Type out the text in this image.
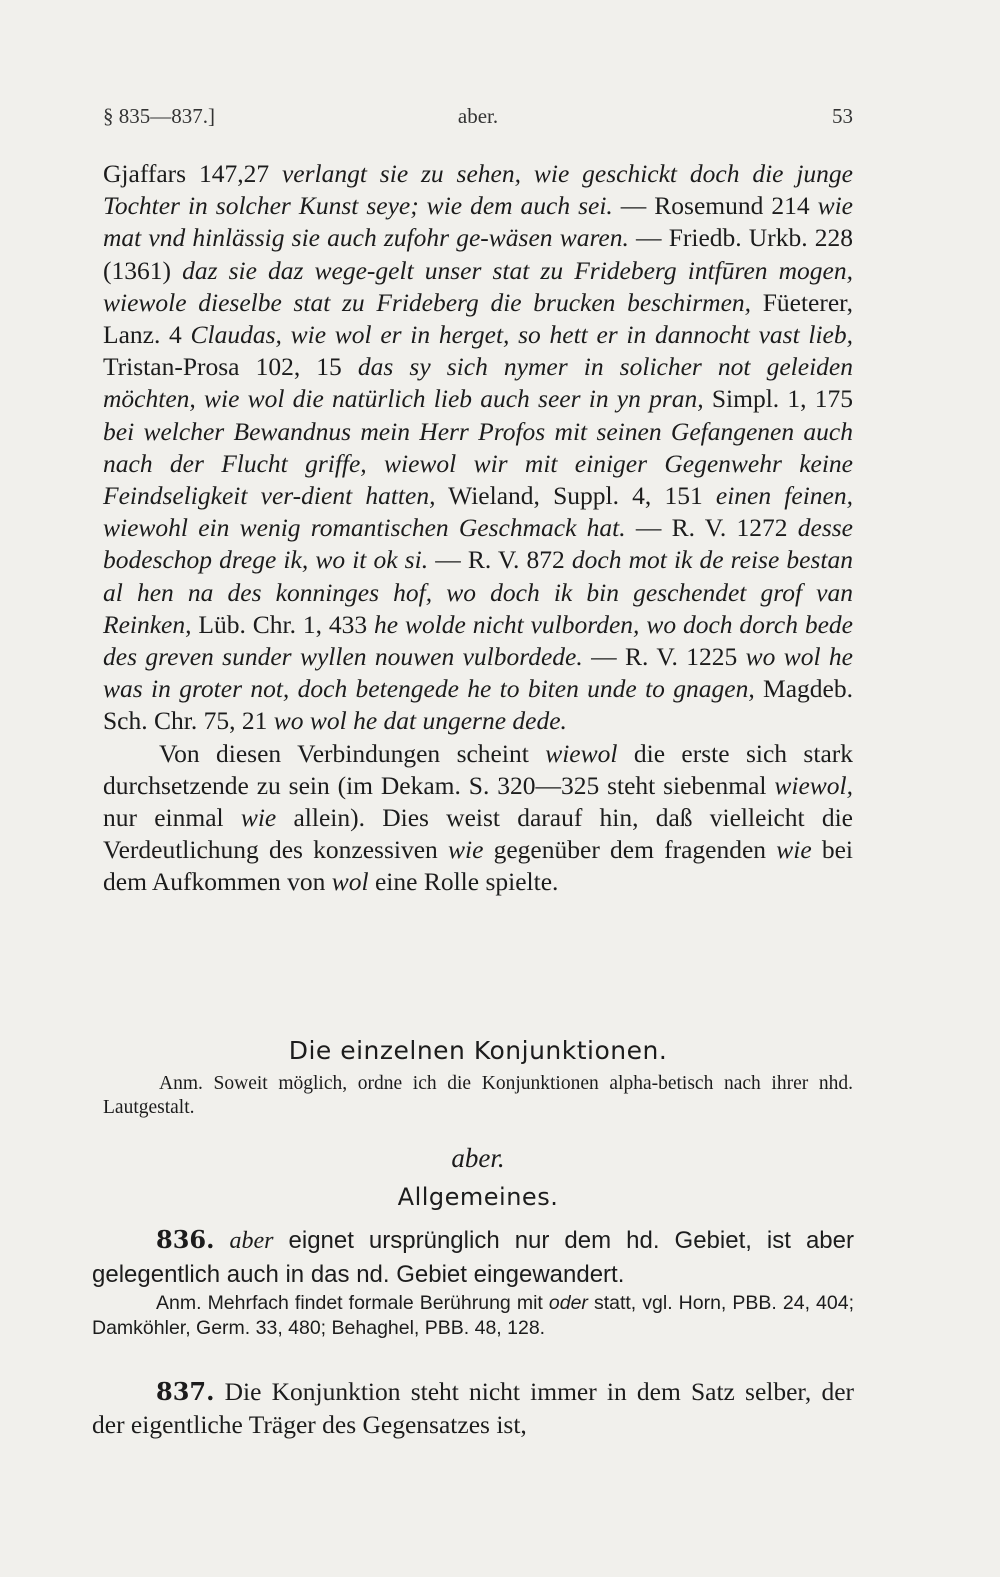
§ 835—837.]	aber.	53

Gjaffars 147,27 verlangt sie zu sehen, wie geschickt doch die junge Tochter in solcher Kunst seye; wie dem auch sei. — Rosemund 214 wie mat vnd hinlässig sie auch zufohr ge-wäsen waren. — Friedb. Urkb. 228 (1361) daz sie daz wege-gelt unser stat zu Frideberg intfūren mogen, wiewole dieselbe stat zu Frideberg die brucken beschirmen, Füeterer, Lanz. 4 Claudas, wie wol er in herget, so hett er in dannocht vast lieb, Tristan-Prosa 102, 15 das sy sich nymer in solicher not geleiden möchten, wie wol die natürlich lieb auch seer in yn pran, Simpl. 1, 175 bei welcher Bewandnus mein Herr Profos mit seinen Gefangenen auch nach der Flucht griffe, wiewol wir mit einiger Gegenwehr keine Feindseligkeit ver-dient hatten, Wieland, Suppl. 4, 151 einen feinen, wiewohl ein wenig romantischen Geschmack hat. — R. V. 1272 desse bodeschop drege ik, wo it ok si. — R. V. 872 doch mot ik de reise bestan al hen na des konninges hof, wo doch ik bin geschendet grof van Reinken, Lüb. Chr. 1, 433 he wolde nicht vulborden, wo doch dorch bede des greven sunder wyllen nouwen vulbordede. — R. V. 1225 wo wol he was in groter not, doch betengede he to biten unde to gnagen, Magdeb. Sch. Chr. 75, 21 wo wol he dat ungerne dede.

Von diesen Verbindungen scheint wiewol die erste sich stark durchsetzende zu sein (im Dekam. S. 320—325 steht siebenmal wiewol, nur einmal wie allein). Dies weist darauf hin, daß vielleicht die Verdeutlichung des konzessiven wie gegenüber dem fragenden wie bei dem Aufkommen von wol eine Rolle spielte.

Die einzelnen Konjunktionen.
Anm. Soweit möglich, ordne ich die Konjunktionen alpha-betisch nach ihrer nhd. Lautgestalt.
aber.
Allgemeines.
836. aber eignet ursprünglich nur dem hd. Gebiet, ist aber gelegentlich auch in das nd. Gebiet eingewandert.
Anm. Mehrfach findet formale Berührung mit oder statt, vgl. Horn, PBB. 24, 404; Damköhler, Germ. 33, 480; Behaghel, PBB. 48, 128.
837. Die Konjunktion steht nicht immer in dem Satz selber, der der eigentliche Träger des Gegensatzes ist,
